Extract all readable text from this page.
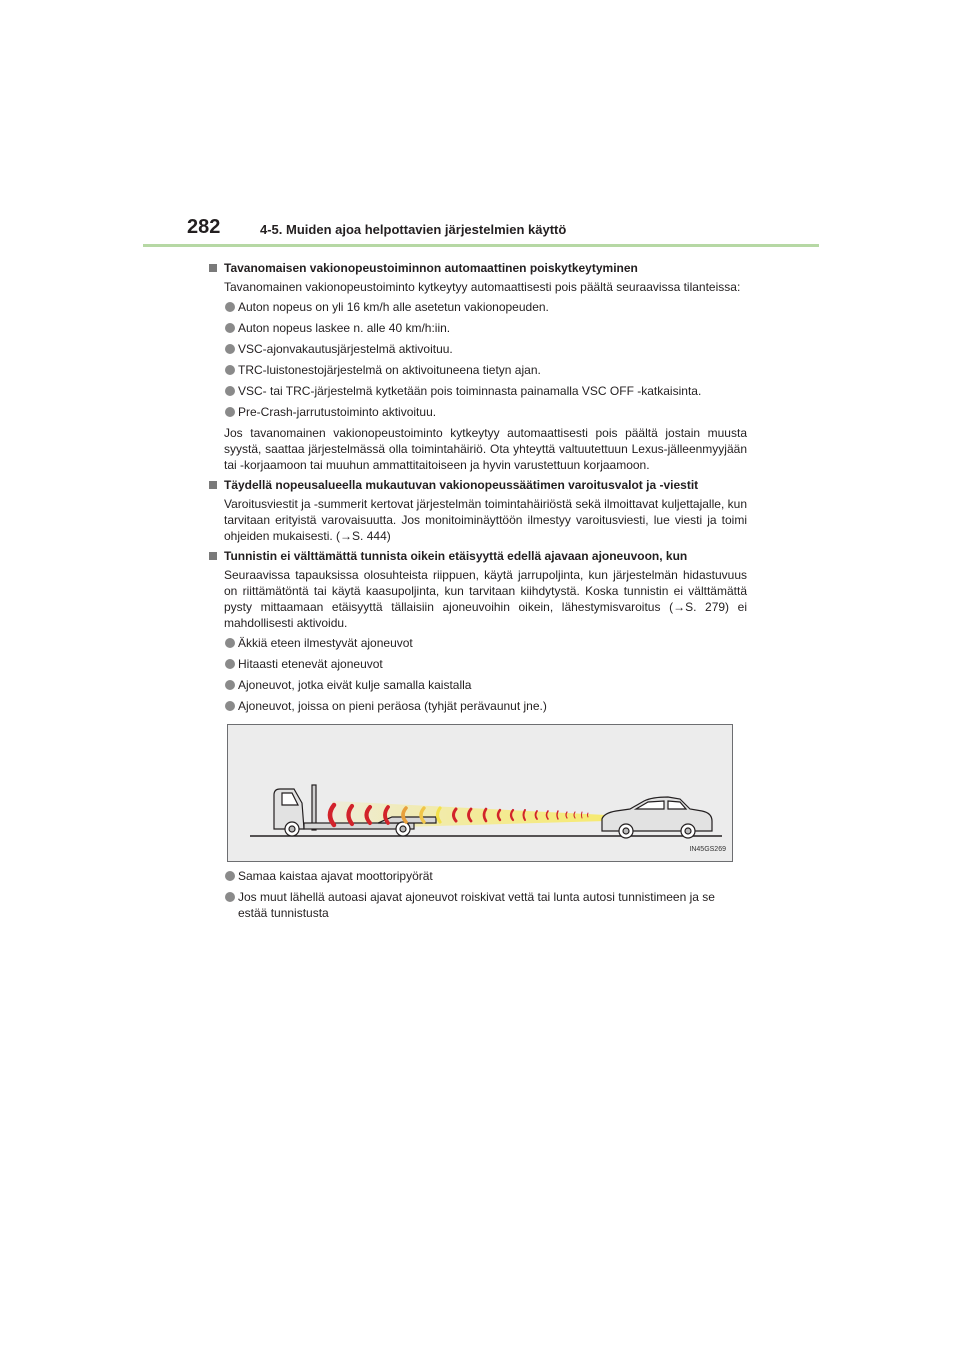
282	4-5. Muiden ajoa helpottavien järjestelmien käyttö
Tavanomaisen vakionopeustoiminnon automaattinen poiskytkeytyminen
Tavanomainen vakionopeustoiminto kytkeytyy automaattisesti pois päältä seuraavissa tilanteissa:
Auton nopeus on yli 16 km/h alle asetetun vakionopeuden.
Auton nopeus laskee n. alle 40 km/h:iin.
VSC-ajonvakautusjärjestelmä aktivoituu.
TRC-luistonestojärjestelmä on aktivoituneena tietyn ajan.
VSC- tai TRC-järjestelmä kytketään pois toiminnasta painamalla VSC OFF -katkaisinta.
Pre-Crash-jarrutustoiminto aktivoituu.
Jos tavanomainen vakionopeustoiminto kytkeytyy automaattisesti pois päältä jostain muusta syystä, saattaa järjestelmässä olla toimintahäiriö. Ota yhteyttä valtuutettuun Lexus-jälleenmyyjään tai -korjaamoon tai muuhun ammattitaitoiseen ja hyvin varustettuun korjaamoon.
Täydellä nopeusalueella mukautuvan vakionopeussäätimen varoitusvalot ja -viestit
Varoitusviestit ja -summerit kertovat järjestelmän toimintahäiriöstä sekä ilmoittavat kuljettajalle, kun tarvitaan erityistä varovaisuutta. Jos monitoiminäyttöön ilmestyy varoitusviesti, lue viesti ja toimi ohjeiden mukaisesti. (→S. 444)
Tunnistin ei välttämättä tunnista oikein etäisyyttä edellä ajavaan ajoneuvoon, kun
Seuraavissa tapauksissa olosuhteista riippuen, käytä jarrupoljinta, kun järjestelmän hidastuvuus on riittämätöntä tai käytä kaasupoljinta, kun tarvitaan kiihdytystä. Koska tunnistin ei välttämättä pysty mittaamaan etäisyyttä tällaisiin ajoneuvoihin oikein, lähestymisvaroitus (→S. 279) ei mahdollisesti aktivoidu.
Äkkiä eteen ilmestyvät ajoneuvot
Hitaasti etenevät ajoneuvot
Ajoneuvot, jotka eivät kulje samalla kaistalla
Ajoneuvot, joissa on pieni peräosa (tyhjät perävaunut jne.)
IN45GS269
Samaa kaistaa ajavat moottoripyörät
Jos muut lähellä autoasi ajavat ajoneuvot roiskivat vettä tai lunta autosi tunnistimeen ja se estää tunnistusta
